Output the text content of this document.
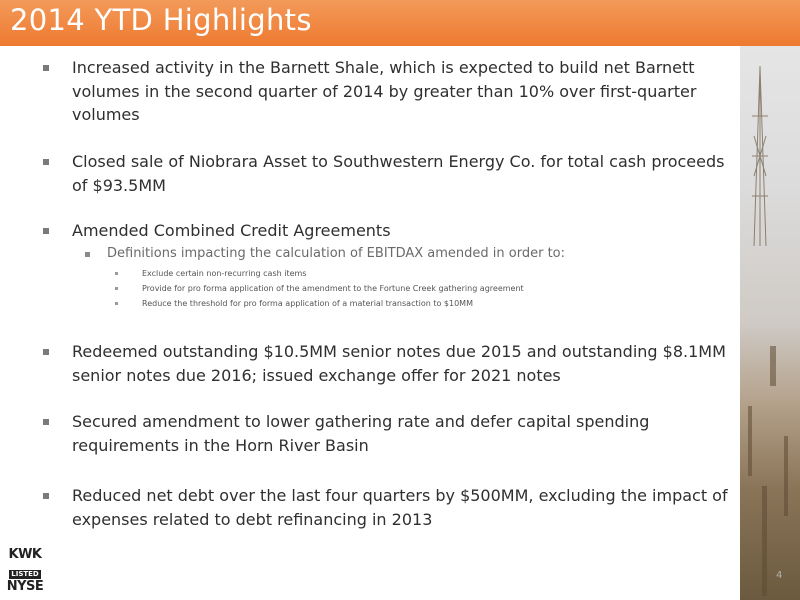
2014 YTD Highlights
Increased activity in the Barnett Shale, which is expected to build net Barnett volumes in the second quarter of 2014 by greater than 10% over first-quarter volumes
Closed sale of Niobrara Asset to Southwestern Energy Co. for total cash proceeds of $93.5MM
Amended Combined Credit Agreements
Definitions impacting the calculation of EBITDAX amended in order to:
Exclude certain non-recurring cash items
Provide for pro forma application of the amendment to the Fortune Creek gathering agreement
Reduce the threshold for pro forma application of a material transaction to $10MM
Redeemed outstanding $10.5MM senior notes due 2015 and outstanding $8.1MM senior notes due 2016; issued exchange offer for 2021 notes
Secured amendment to lower gathering rate and defer capital spending requirements in the Horn River Basin
Reduced net debt over the last four quarters by $500MM, excluding the impact of expenses related to debt refinancing in 2013
KWK
LISTED
NYSE
4
